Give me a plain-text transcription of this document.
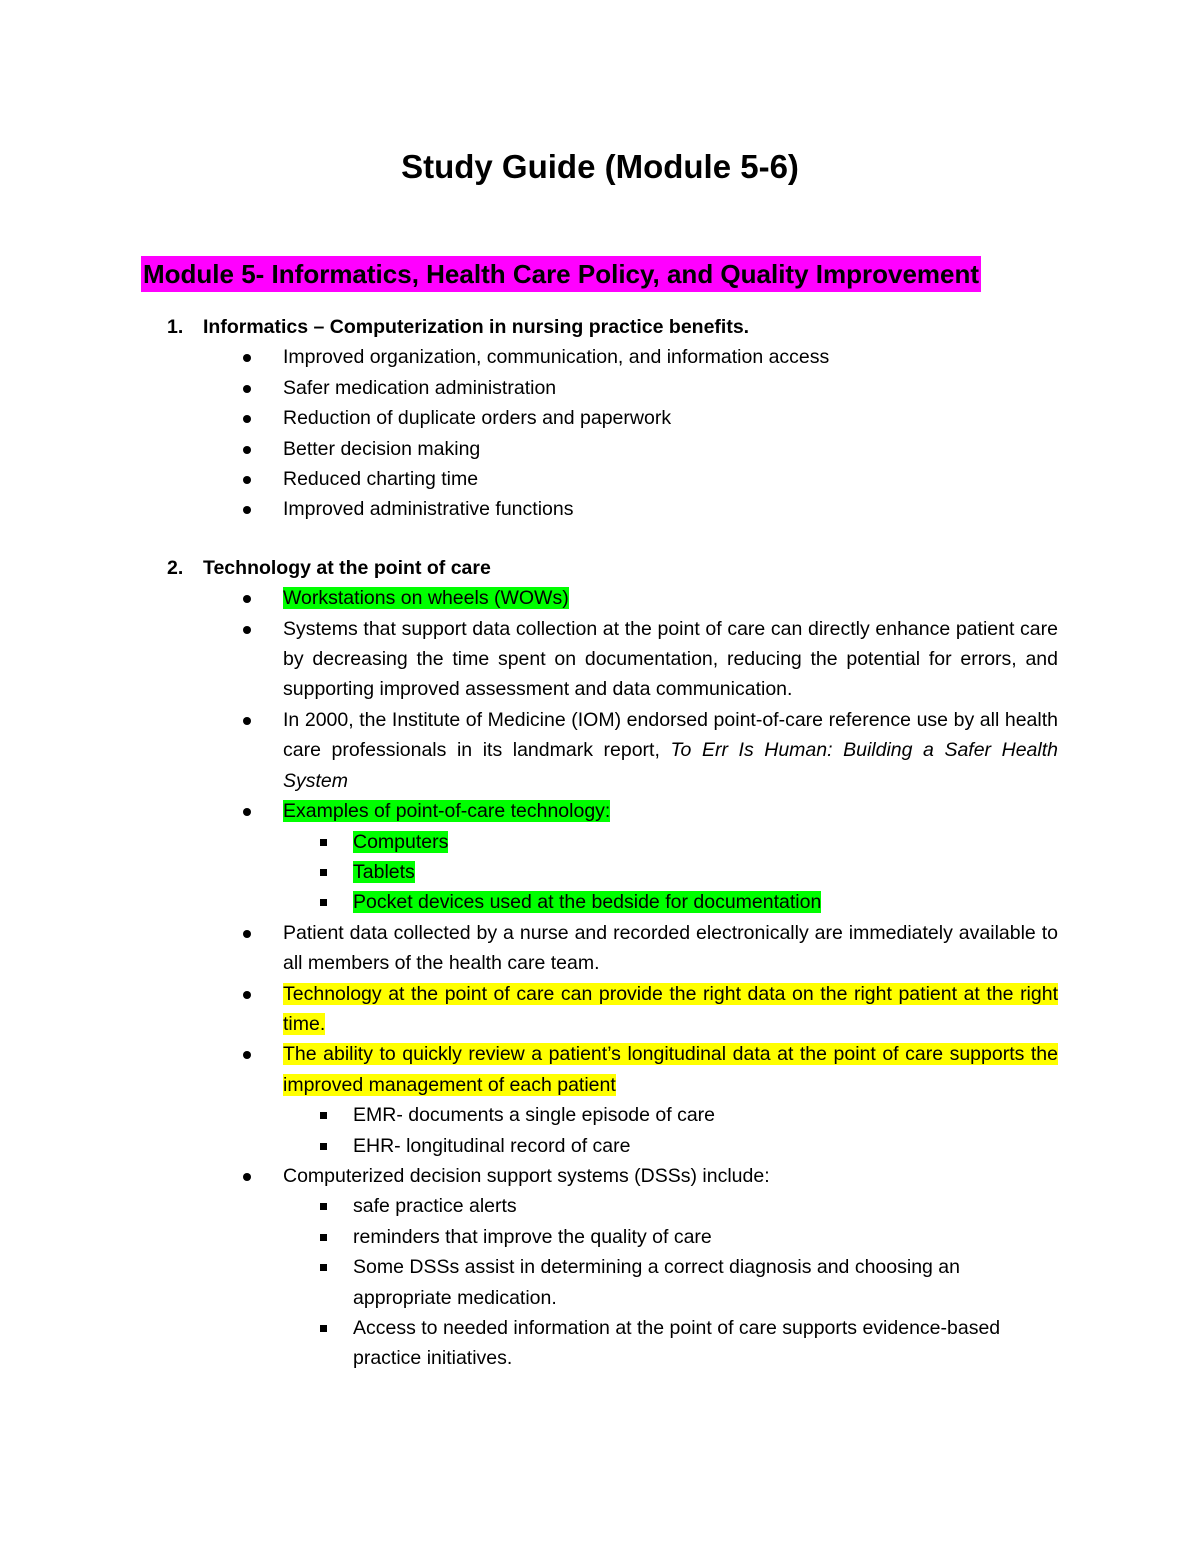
Study Guide (Module 5-6)
Module 5- Informatics, Health Care Policy, and Quality Improvement
1. Informatics – Computerization in nursing practice benefits.
Improved organization, communication, and information access
Safer medication administration
Reduction of duplicate orders and paperwork
Better decision making
Reduced charting time
Improved administrative functions
2. Technology at the point of care
Workstations on wheels (WOWs)
Systems that support data collection at the point of care can directly enhance patient care by decreasing the time spent on documentation, reducing the potential for errors, and supporting improved assessment and data communication.
In 2000, the Institute of Medicine (IOM) endorsed point-of-care reference use by all health care professionals in its landmark report, To Err Is Human: Building a Safer Health System
Examples of point-of-care technology:
Computers
Tablets
Pocket devices used at the bedside for documentation
Patient data collected by a nurse and recorded electronically are immediately available to all members of the health care team.
Technology at the point of care can provide the right data on the right patient at the right time.
The ability to quickly review a patient’s longitudinal data at the point of care supports the improved management of each patient
EMR- documents a single episode of care
EHR- longitudinal record of care
Computerized decision support systems (DSSs) include:
safe practice alerts
reminders that improve the quality of care
Some DSSs assist in determining a correct diagnosis and choosing an appropriate medication.
Access to needed information at the point of care supports evidence-based practice initiatives.
